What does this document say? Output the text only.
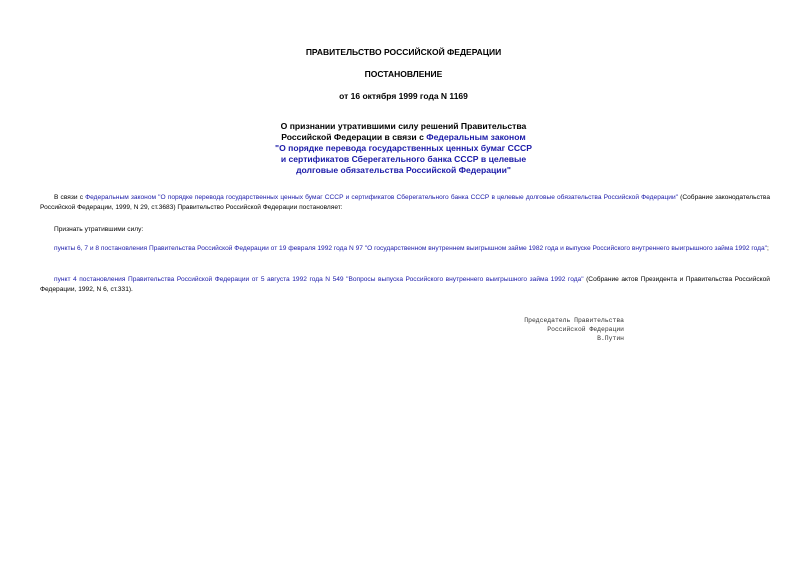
ПРАВИТЕЛЬСТВО РОССИЙСКОЙ ФЕДЕРАЦИИ
ПОСТАНОВЛЕНИЕ
от 16 октября 1999 года N 1169
О признании утратившими силу решений Правительства
Российской Федерации в связи с Федеральным законом
"О порядке перевода государственных ценных бумаг СССР
и сертификатов Сберегательного банка СССР в целевые
долговые обязательства Российской Федерации"
В связи с Федеральным законом "О порядке перевода государственных ценных бумаг СССР и сертификатов Сберегательного банка СССР в целевые долговые обязательства Российской Федерации" (Собрание законодательства Российской Федерации, 1999, N 29, ст.3683) Правительство Российской Федерации постановляет:
Признать утратившими силу:
пункты 6, 7 и 8 постановления Правительства Российской Федерации от 19 февраля 1992 года N 97 "О государственном внутреннем выигрышном займе 1982 года и выпуске Российского внутреннего выигрышного займа 1992 года";
пункт 4 постановления Правительства Российской Федерации от 5 августа 1992 года N 549 "Вопросы выпуска Российского внутреннего выигрышного займа 1992 года" (Собрание актов Президента и Правительства Российской Федерации, 1992, N 6, ст.331).
Председатель Правительства
Российской Федерации
В.Путин
